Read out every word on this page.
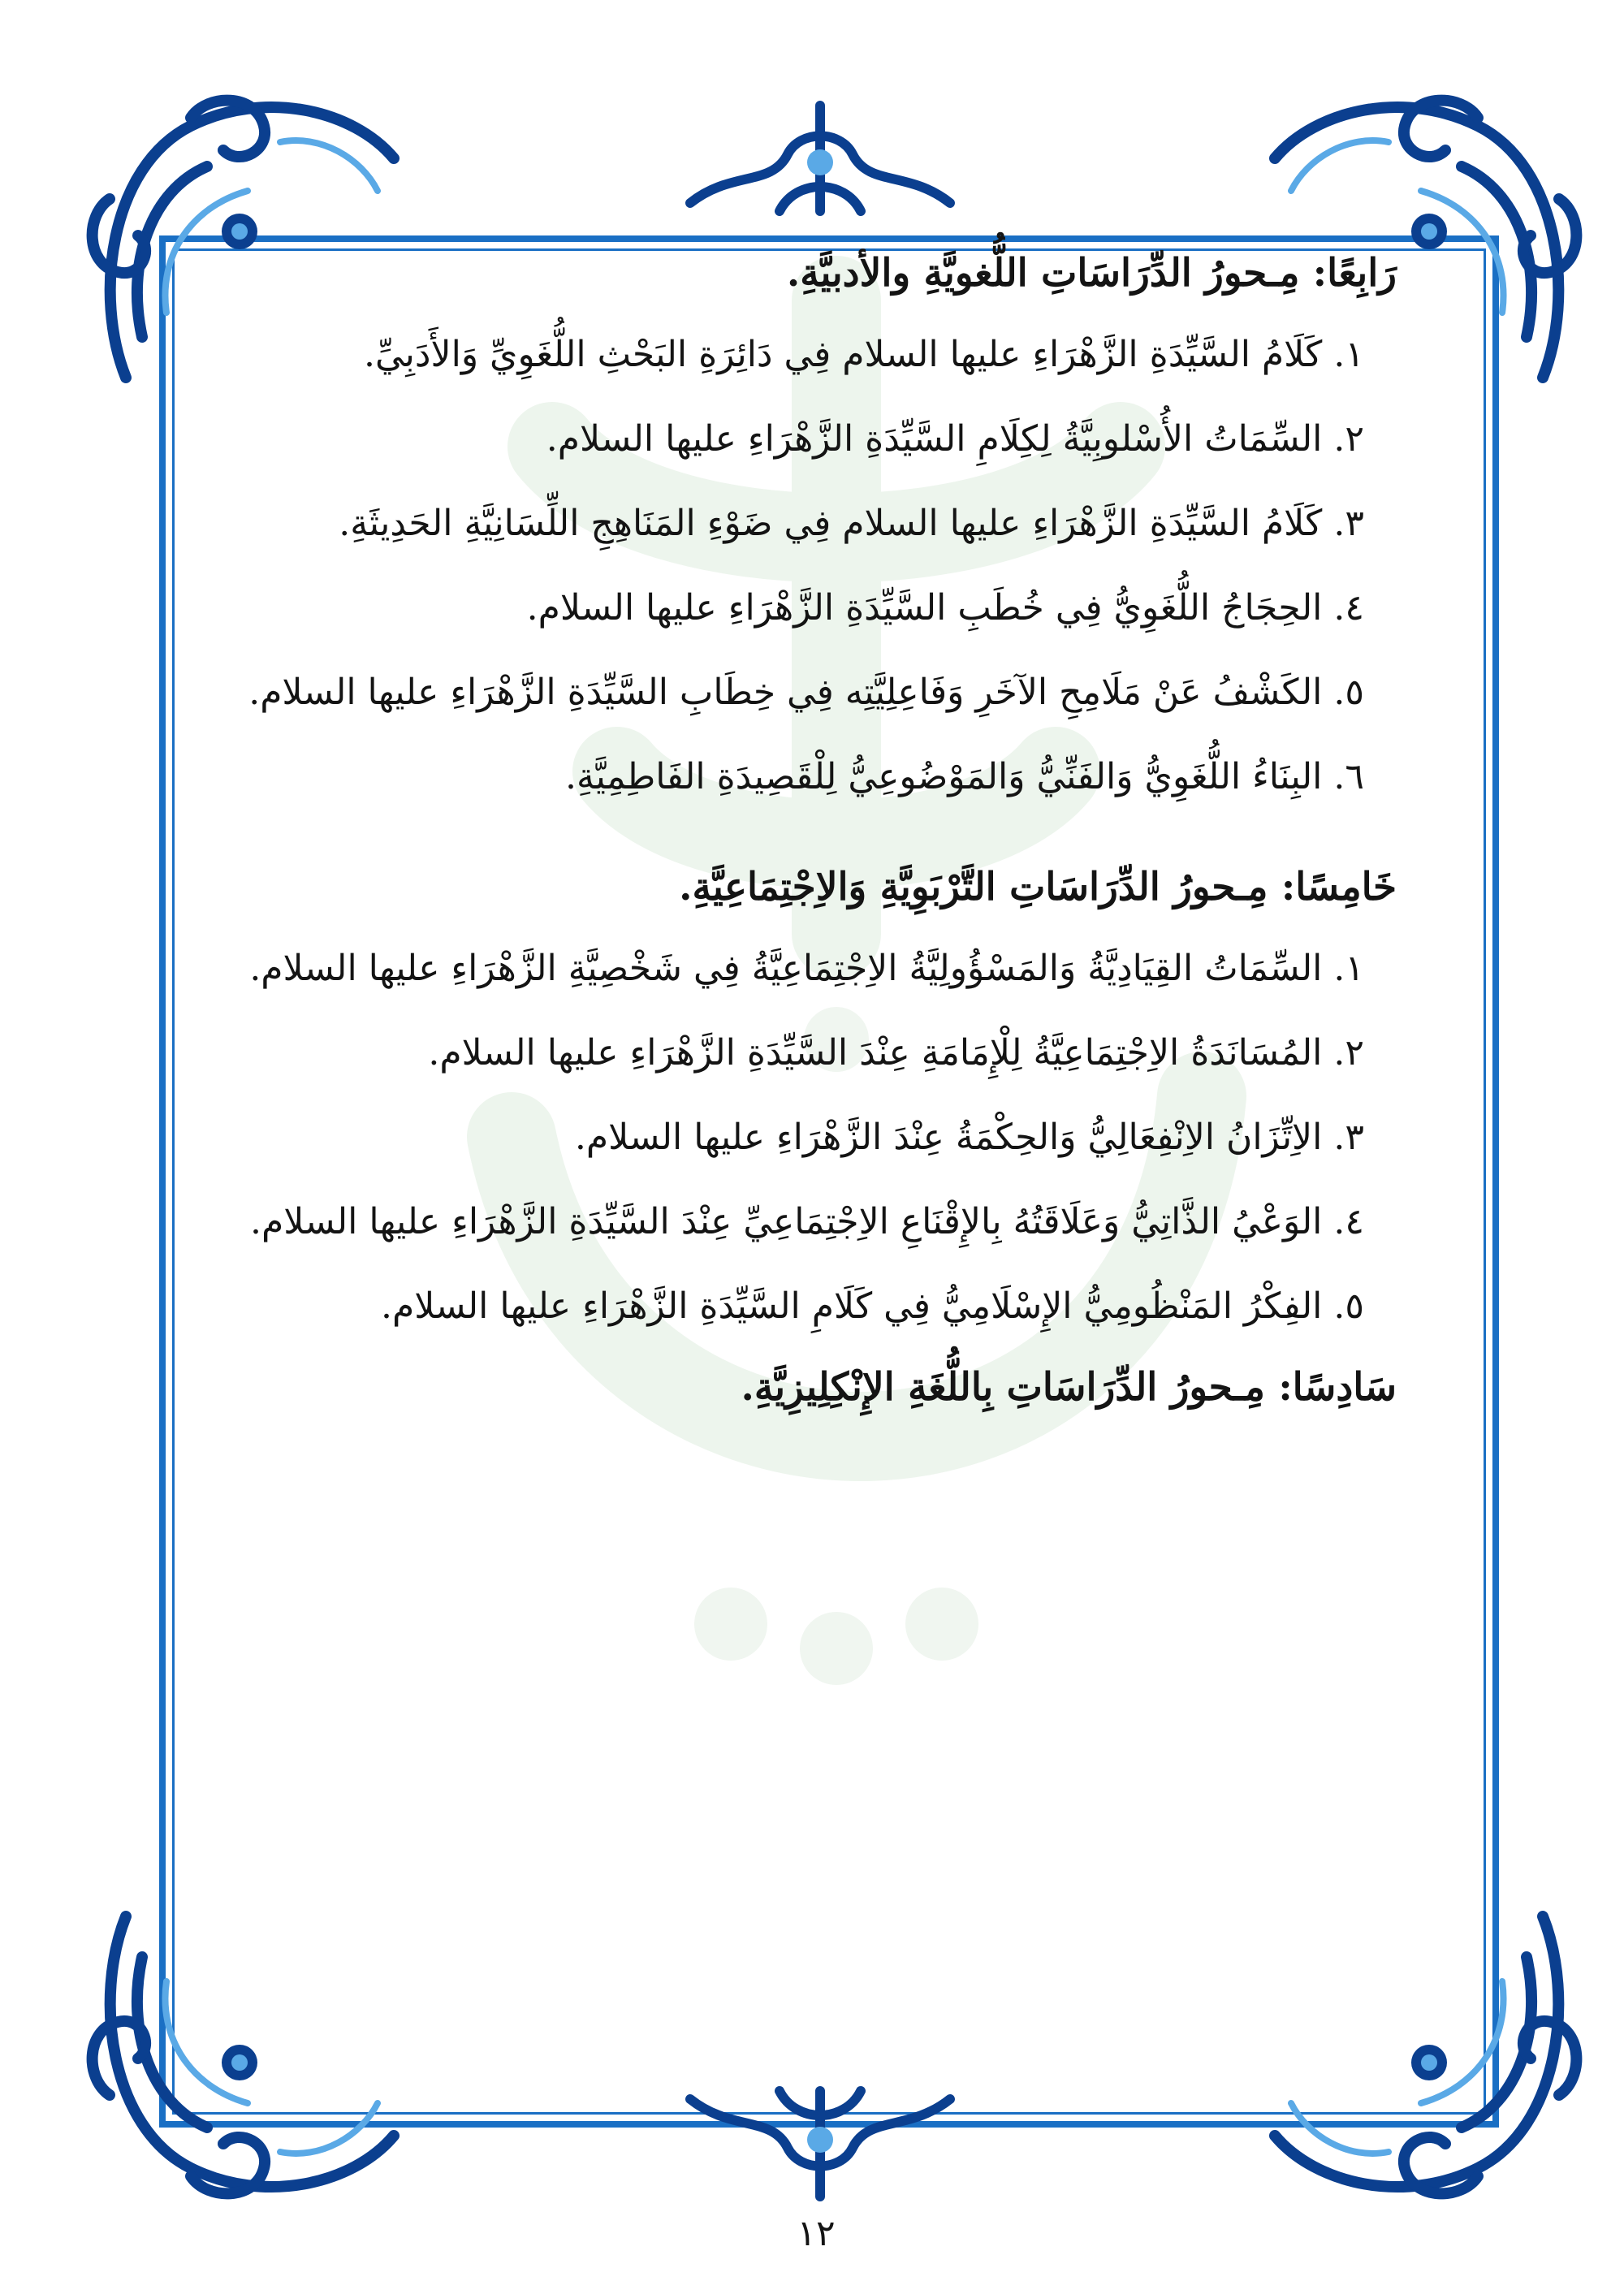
رَابِعًا: مِـحورُ الدِّرَاسَاتِ اللُّغويَّةِ والأدبيَّةِ.

١. كَلَامُ السَّيِّدَةِ الزَّهْرَاءِ عليها السلام فِي دَائِرَةِ البَحْثِ اللُّغَوِيِّ وَالأَدَبِيِّ.

٢. السِّمَاتُ الأُسْلوبِيَّةُ لِكِلَامِ السَّيِّدَةِ الزَّهْرَاءِ عليها السلام.

٣. كَلَامُ السَّيِّدَةِ الزَّهْرَاءِ عليها السلام فِي ضَوْءِ المَنَاهِجِ اللِّسَانِيَّةِ الحَدِيثَةِ.

٤. الحِجَاجُ اللُّغَوِيُّ فِي خُطَبِ السَّيِّدَةِ الزَّهْرَاءِ عليها السلام.

٥. الكَشْفُ عَنْ مَلَامِحِ الآخَرِ وَفَاعِلِيَّتِه فِي خِطَابِ السَّيِّدَةِ الزَّهْرَاءِ عليها السلام.

٦. البِنَاءُ اللُّغَوِيُّ وَالفَنِّيُّ وَالمَوْضُوعِيُّ لِلْقَصِيدَةِ الفَاطِمِيَّةِ.

خَامِسًا: مِـحورُ الدِّرَاسَاتِ التَّرْبَوِيَّةِ وَالاِجْتِمَاعِيَّةِ.

١. السِّمَاتُ القِيَادِيَّةُ وَالمَسْؤُولِيَّةُ الاِجْتِمَاعِيَّةُ فِي شَخْصِيَّةِ الزَّهْرَاءِ عليها السلام.

٢. المُسَانَدَةُ الاِجْتِمَاعِيَّةُ لِلْإِمَامَةِ عِنْدَ السَّيِّدَةِ الزَّهْرَاءِ عليها السلام.

٣. الاِتِّزَانُ الاِنْفِعَالِيُّ وَالحِكْمَةُ عِنْدَ الزَّهْرَاءِ عليها السلام.

٤. الوَعْيُ الذَّاتِيُّ وَعَلَاقَتُهُ بِالإِقْنَاعِ الاِجْتِمَاعِيِّ عِنْدَ السَّيِّدَةِ الزَّهْرَاءِ عليها السلام.

٥. الفِكْرُ المَنْظُومِيُّ الإِسْلَامِيُّ فِي كَلَامِ السَّيِّدَةِ الزَّهْرَاءِ عليها السلام.

سَادِسًا: مِـحورُ الدِّرَاسَاتِ بِاللُّغَةِ الإِنْكِلِيزِيَّةِ.

١٢
